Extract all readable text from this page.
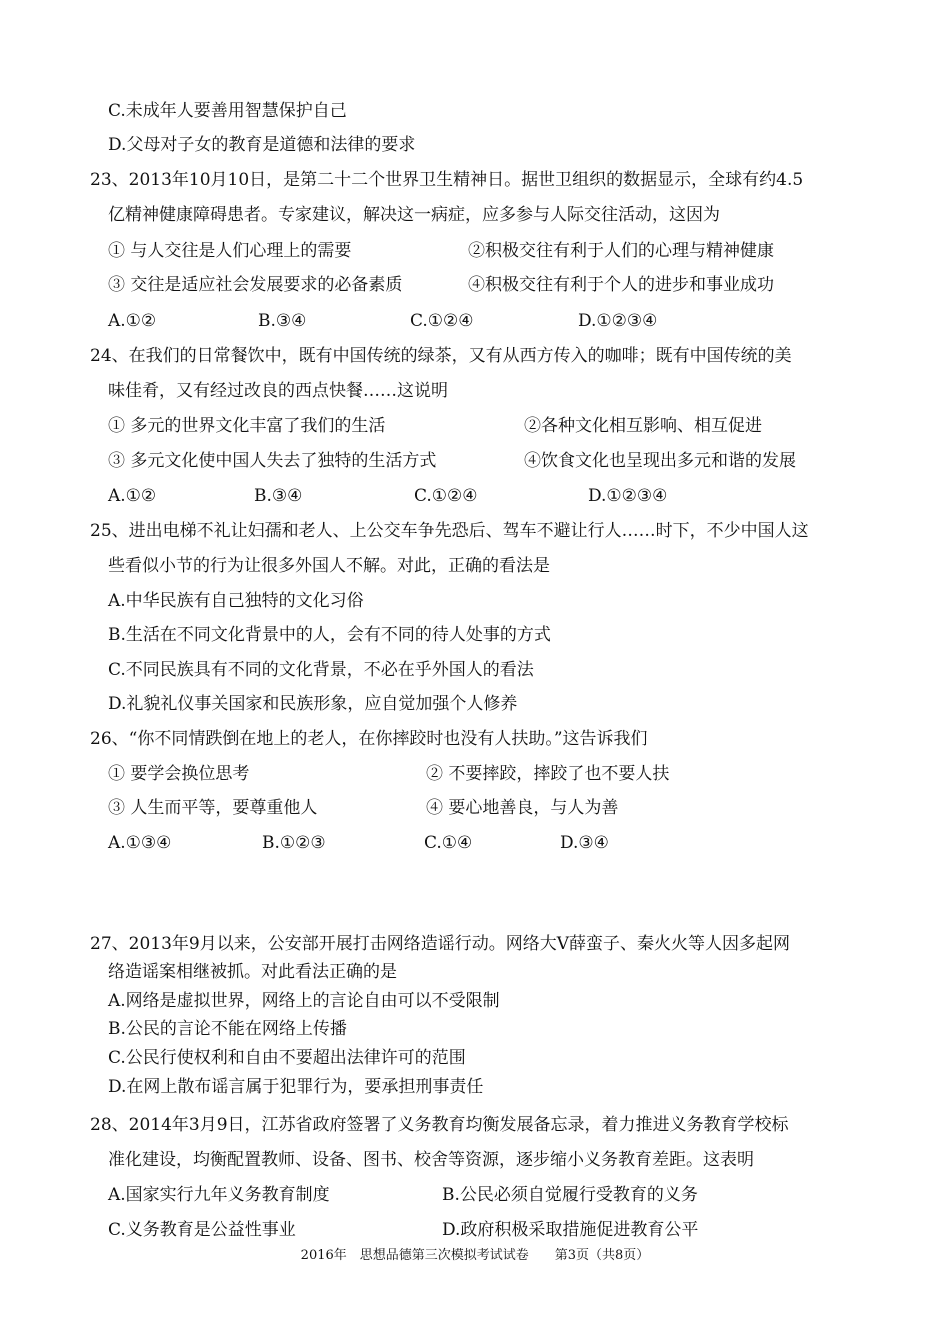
C.未成年人要善用智慧保护自己
D.父母对子女的教育是道德和法律的要求
23、2013年10月10日，是第二十二个世界卫生精神日。据世卫组织的数据显示，全球有约4.5
亿精神健康障碍患者。专家建议，解决这一病症，应多参与人际交往活动，这因为
① 与人交往是人们心理上的需要	②积极交往有利于人们的心理与精神健康
③ 交往是适应社会发展要求的必备素质	④积极交往有利于个人的进步和事业成功
A.①②	B.③④	C.①②④	D.①②③④
24、在我们的日常餐饮中，既有中国传统的绿茶，又有从西方传入的咖啡；既有中国传统的美
味佳肴，又有经过改良的西点快餐……这说明
① 多元的世界文化丰富了我们的生活	②各种文化相互影响、相互促进
③ 多元文化使中国人失去了独特的生活方式	④饮食文化也呈现出多元和谐的发展
A.①②	B.③④	C.①②④	D.①②③④
25、进出电梯不礼让妇孺和老人、上公交车争先恐后、驾车不避让行人……时下，不少中国人这
些看似小节的行为让很多外国人不解。对此，正确的看法是
A.中华民族有自己独特的文化习俗
B.生活在不同文化背景中的人，会有不同的待人处事的方式
C.不同民族具有不同的文化背景，不必在乎外国人的看法
D.礼貌礼仪事关国家和民族形象，应自觉加强个人修养
26、“你不同情跌倒在地上的老人，在你摔跤时也没有人扶助。”这告诉我们
① 要学会换位思考	② 不要摔跤，摔跤了也不要人扶
③ 人生而平等，要尊重他人	④ 要心地善良，与人为善
A.①③④	B.①②③	C.①④	D.③④
27、2013年9月以来，公安部开展打击网络造谣行动。网络大V薛蛮子、秦火火等人因多起网
络造谣案相继被抓。对此看法正确的是
A.网络是虚拟世界，网络上的言论自由可以不受限制
B.公民的言论不能在网络上传播
C.公民行使权利和自由不要超出法律许可的范围
D.在网上散布谣言属于犯罪行为，要承担刑事责任
28、2014年3月9日，江苏省政府签署了义务教育均衡发展备忘录，着力推进义务教育学校标
准化建设，均衡配置教师、设备、图书、校舍等资源，逐步缩小义务教育差距。这表明
A.国家实行九年义务教育制度	B.公民必须自觉履行受教育的义务
C.义务教育是公益性事业	D.政府积极采取措施促进教育公平
2016年　思想品德第三次模拟考试试卷　　第3页（共8页）
